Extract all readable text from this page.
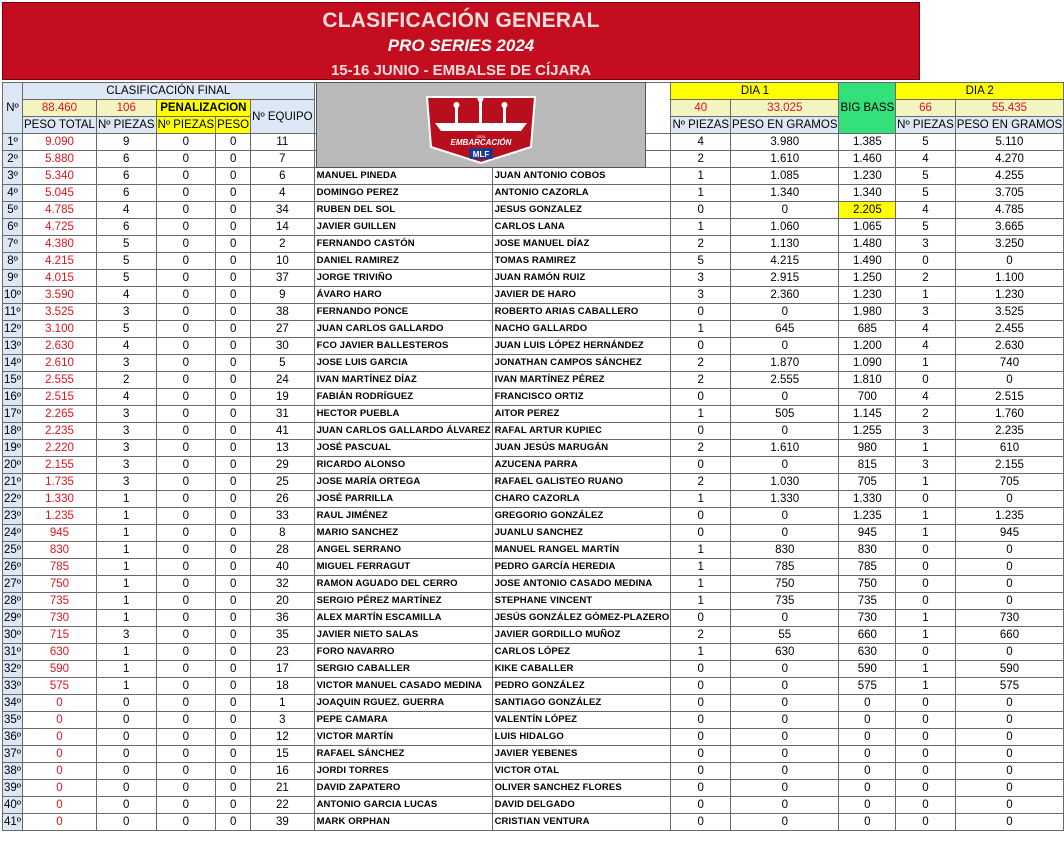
CLASIFICACIÓN GENERAL
PRO SERIES 2024
15-16 JUNIO - EMBALSE DE CÍJARA
Nº	CLASIFICACIÓN FINAL							DIA 1		BIG BASS	DIA 2	
	88.460	106	PENALIZACION		Nº EQUIPO			40	33.025		66	55.435
	PESO TOTAL	Nº PIEZAS	Nº PIEZAS	PESO				Nº PIEZAS	PESO EN GRAMOS		Nº PIEZAS	PESO EN GRAMOS
1º	9.090	9	0	0	11			4	3.980	1.385	5	5.110
2º	5.880	6	0	0	7			2	1.610	1.460	4	4.270
3º	5.340	6	0	0	6	MANUEL PINEDA	JUAN ANTONIO COBOS	1	1.085	1.230	5	4.255
4º	5.045	6	0	0	4	DOMINGO PEREZ	ANTONIO CAZORLA	1	1.340	1.340	5	3.705
5º	4.785	4	0	0	34	RUBEN DEL SOL	JESUS GONZALEZ	0	0	2.205	4	4.785
6º	4.725	6	0	0	14	JAVIER GUILLEN	CARLOS LANA	1	1.060	1.065	5	3.665
7º	4.380	5	0	0	2	FERNANDO CASTÓN	JOSE MANUEL DÍAZ	2	1.130	1.480	3	3.250
8º	4.215	5	0	0	10	DANIEL RAMIREZ	TOMAS RAMIREZ	5	4.215	1.490	0	0
9º	4.015	5	0	0	37	JORGE TRIVIÑO	JUAN RAMÓN RUIZ	3	2.915	1.250	2	1.100
10º	3.590	4	0	0	9	ÁVARO HARO	JAVIER DE HARO	3	2.360	1.230	1	1.230
11º	3.525	3	0	0	38	FERNANDO PONCE	ROBERTO ARIAS CABALLERO	0	0	1.980	3	3.525
12º	3.100	5	0	0	27	JUAN CARLOS GALLARDO	NACHO GALLARDO	1	645	685	4	2.455
13º	2.630	4	0	0	30	FCO JAVIER BALLESTEROS	JUAN LUIS LÓPEZ HERNÁNDEZ	0	0	1.200	4	2.630
14º	2.610	3	0	0	5	JOSE LUIS GARCIA	JONATHAN CAMPOS SÁNCHEZ	2	1.870	1.090	1	740
15º	2.555	2	0	0	24	IVAN MARTÍNEZ DÍAZ	IVAN MARTÍNEZ PÉREZ	2	2.555	1.810	0	0
16º	2.515	4	0	0	19	FABIÁN RODRÍGUEZ	FRANCISCO ORTIZ	0	0	700	4	2.515
17º	2.265	3	0	0	31	HECTOR PUEBLA	AITOR PEREZ	1	505	1.145	2	1.760
18º	2.235	3	0	0	41	JUAN CARLOS GALLARDO ÁLVAREZ	RAFAL ARTUR KUPIEC	0	0	1.255	3	2.235
19º	2.220	3	0	0	13	JOSÉ PASCUAL	JUAN JESÚS MARUGÁN	2	1.610	980	1	610
20º	2.155	3	0	0	29	RICARDO ALONSO	AZUCENA PARRA	0	0	815	3	2.155
21º	1.735	3	0	0	25	JOSE MARÍA ORTEGA	RAFAEL GALISTEO RUANO	2	1.030	705	1	705
22º	1.330	1	0	0	26	JOSÉ PARRILLA	CHARO CAZORLA	1	1.330	1.330	0	0
23º	1.235	1	0	0	33	RAUL JIMÉNEZ	GREGORIO GONZÁLEZ	0	0	1.235	1	1.235
24º	945	1	0	0	8	MARIO SANCHEZ	JUANLU SANCHEZ	0	0	945	1	945
25º	830	1	0	0	28	ANGEL SERRANO	MANUEL RANGEL MARTÍN	1	830	830	0	0
26º	785	1	0	0	40	MIGUEL FERRAGUT	PEDRO GARCÍA HEREDIA	1	785	785	0	0
27º	750	1	0	0	32	RAMON AGUADO DEL CERRO	JOSE ANTONIO CASADO MEDINA	1	750	750	0	0
28º	735	1	0	0	20	SERGIO PÉREZ MARTÍNEZ	STEPHANE VINCENT	1	735	735	0	0
29º	730	1	0	0	36	ALEX MARTÍN ESCAMILLA	JESÚS GONZÁLEZ GÓMEZ-PLAZERO	0	0	730	1	730
30º	715	3	0	0	35	JAVIER NIETO SALAS	JAVIER GORDILLO MUÑOZ	2	55	660	1	660
31º	630	1	0	0	23	FORO NAVARRO	CARLOS LÓPEZ	1	630	630	0	0
32º	590	1	0	0	17	SERGIO CABALLER	KIKE CABALLER	0	0	590	1	590
33º	575	1	0	0	18	VICTOR MANUEL CASADO MEDINA	PEDRO GONZÁLEZ	0	0	575	1	575
34º	0	0	0	0	1	JOAQUIN RGUEZ. GUERRA	SANTIAGO GONZÁLEZ	0	0	0	0	0
35º	0	0	0	0	3	PEPE CAMARA	VALENTÍN LÓPEZ	0	0	0	0	0
36º	0	0	0	0	12	VICTOR MARTÍN	LUIS HIDALGO	0	0	0	0	0
37º	0	0	0	0	15	RAFAEL SÁNCHEZ	JAVIER YEBENES	0	0	0	0	0
38º	0	0	0	0	16	JORDI TORRES	VICTOR OTAL	0	0	0	0	0
39º	0	0	0	0	21	DAVID ZAPATERO	OLIVER SANCHEZ FLORES	0	0	0	0	0
40º	0	0	0	0	22	ANTONIO GARCIA LUCAS	DAVID DELGADO	0	0	0	0	0
41º	0	0	0	0	39	MARK ORPHAN	CRISTIAN VENTURA	0	0	0	0	0
EMBARCACIÓN
2024
MLF
